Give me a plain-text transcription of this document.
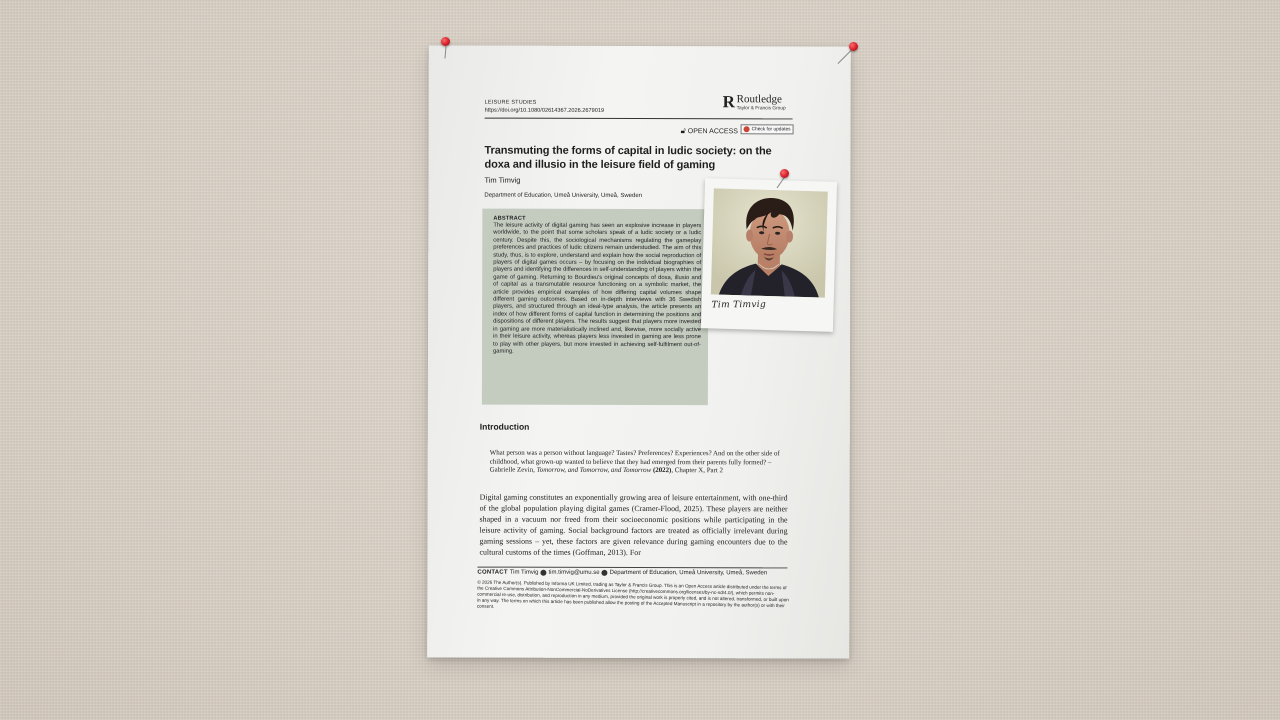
LEISURE STUDIES
https://doi.org/10.1080/02614367.2026.2679019	R Routledge
Taylor & Francis Group
🔓︎ OPEN ACCESS	Check for updates
Transmuting the forms of capital in ludic society: on the doxa and illusio in the leisure field of gaming
Tim Timvig
Department of Education, Umeå University, Umeå, Sweden
ABSTRACT
The leisure activity of digital gaming has seen an explosive increase in players worldwide, to the point that some scholars speak of a ludic society or a ludic century. Despite this, the sociological mechanisms regulating the gameplay preferences and practices of ludic citizens remain understudied. The aim of this study, thus, is to explore, understand and explain how the social reproduction of players of digital games occurs – by focusing on the individual biographies of players and identifying the differences in self-understanding of players within the game of gaming. Returning to Bourdieu's original concepts of doxa, illusio and of capital as a transmutable resource functioning on a symbolic market, the article provides empirical examples of how differing capital volumes shape different gaming outcomes. Based on in-depth interviews with 36 Swedish players, and structured through an ideal-type analysis, the article presents an index of how different forms of capital function in determining the positions and dispositions of different players. The results suggest that players more invested in gaming are more materialistically inclined and, likewise, more socially active in their leisure activity, whereas players less invested in gaming are less prone to play with other players, but more invested in achieving self-fulfilment out-of-gaming.
Introduction
What person was a person without language? Tastes? Preferences? Experiences? And on the other side of childhood, what grown-up wanted to believe that they had emerged from their parents fully formed? – Gabrielle Zevin, Tomorrow, and Tomorrow, and Tomorrow (2022), Chapter X, Part 2
Digital gaming constitutes an exponentially growing area of leisure entertainment, with one-third of the global population playing digital games (Cramer-Flood, 2025). These players are neither shaped in a vacuum nor freed from their socioeconomic positions while participating in the leisure activity of gaming. Social background factors are treated as officially irrelevant during gaming sessions – yet, these factors are given relevance during gaming encounters due to the cultural customs of the times (Goffman, 2013). For
CONTACT Tim Timvig tim.timvig@umu.se Department of Education, Umeå University, Umeå, Sweden
© 2026 The Author(s). Published by Informa UK Limited, trading as Taylor & Francis Group. This is an Open Access article distributed under the terms of the Creative Commons Attribution-NonCommercial-NoDerivatives License (http://creativecommons.org/licenses/by-nc-nd/4.0/), which permits non-commercial re-use, distribution, and reproduction in any medium, provided the original work is properly cited, and is not altered, transformed, or built upon in any way. The terms on which this article has been published allow the posting of the Accepted Manuscript in a repository by the author(s) or with their consent.
Tim Timvig
